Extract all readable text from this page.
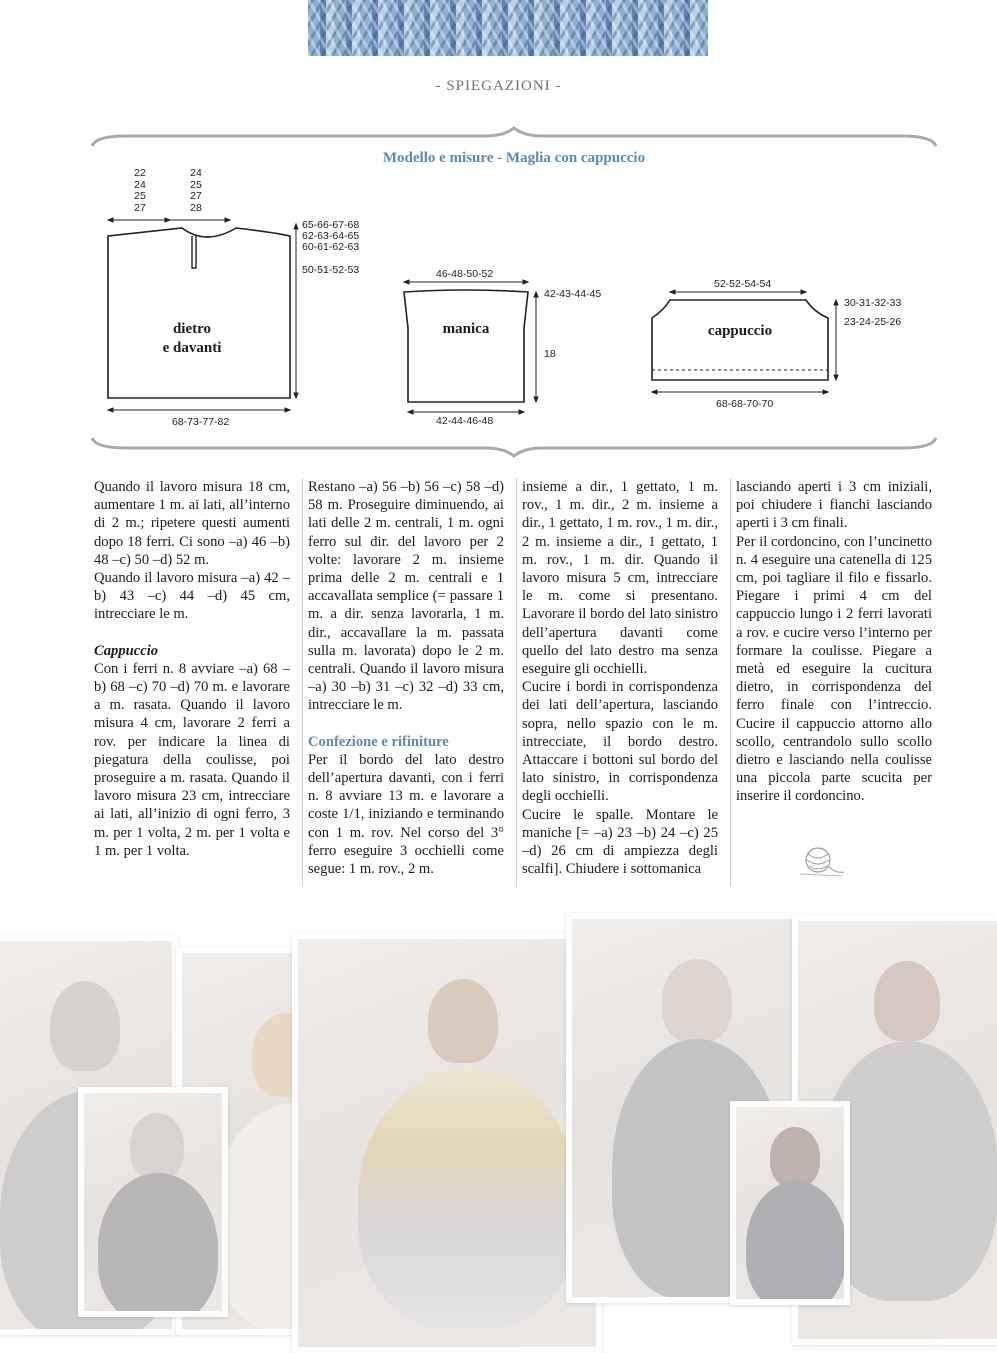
- SPIEGAZIONI -
Modello e misure - Maglia con cappuccio
22
24
25
27
24
25
27
28
65-66-67-68
62-63-64-65
60-61-62-63
50-51-52-53
dietro
e davanti
68-73-77-82
46-48-50-52
42-43-44-45
18
manica
42-44-46-48
52-52-54-54
30-31-32-33
23-24-25-26
cappuccio
68-68-70-70

Quando il lavoro misura 18 cm, aumentare 1 m. ai lati, all’interno di 2 m.; ripetere questi aumenti dopo 18 ferri. Ci sono –a) 46 –b) 48 –c) 50 –d) 52 m.

Quando il lavoro misura –a) 42 –b) 43 –c) 44 –d) 45 cm, intrecciare le m.

Cappuccio

Con i ferri n. 8 avviare –a) 68 –b) 68 –c) 70 –d) 70 m. e lavorare a m. rasata. Quando il lavoro misura 4 cm, lavorare 2 ferri a rov. per indicare la linea di piegatura della coulisse, poi proseguire a m. rasata. Quando il lavoro misura 23 cm, intrecciare ai lati, all’inizio di ogni ferro, 3 m. per 1 volta, 2 m. per 1 volta e 1 m. per 1 volta.

Restano –a) 56 –b) 56 –c) 58 –d) 58 m. Proseguire diminuendo, ai lati delle 2 m. centrali, 1 m. ogni ferro sul dir. del lavoro per 2 volte: lavorare 2 m. insieme prima delle 2 m. centrali e 1 accavallata semplice (= passare 1 m. a dir. senza lavorarla, 1 m. dir., accavallare la m. passata sulla m. lavorata) dopo le 2 m. centrali. Quando il lavoro misura –a) 30 –b) 31 –c) 32 –d) 33 cm, intrecciare le m.

Confezione e rifiniture

Per il bordo del lato destro dell’apertura davanti, con i ferri n. 8 avviare 13 m. e lavorare a coste 1/1, iniziando e terminando con 1 m. rov. Nel corso del 3° ferro eseguire 3 occhielli come segue: 1 m. rov., 2 m.

insieme a dir., 1 gettato, 1 m. rov., 1 m. dir., 2 m. insieme a dir., 1 gettato, 1 m. rov., 1 m. dir., 2 m. insieme a dir., 1 gettato, 1 m. rov., 1 m. dir. Quando il lavoro misura 5 cm, intrecciare le m. come si presentano. Lavorare il bordo del lato sinistro dell’apertura davanti come quello del lato destro ma senza eseguire gli occhielli.

Cucire i bordi in corrispondenza dei lati dell’apertura, lasciando sopra, nello spazio con le m. intrecciate, il bordo destro. Attaccare i bottoni sul bordo del lato sinistro, in corrispondenza degli occhielli.

Cucire le spalle. Montare le maniche [= –a) 23 –b) 24 –c) 25 –d) 26 cm di ampiezza degli scalfi]. Chiudere i sottomanica

lasciando aperti i 3 cm iniziali, poi chiudere i fianchi lasciando aperti i 3 cm finali.

Per il cordoncino, con l’uncinetto n. 4 eseguire una catenella di 125 cm, poi tagliare il filo e fissarlo. Piegare i primi 4 cm del cappuccio lungo i 2 ferri lavorati a rov. e cucire verso l’interno per formare la coulisse. Piegare a metà ed eseguire la cucitura dietro, in corrispondenza del ferro finale con l’intreccio. Cucire il cappuccio attorno allo scollo, centrandolo sullo scollo dietro e lasciando nella coulisse una piccola parte scucita per inserire il cordoncino.
